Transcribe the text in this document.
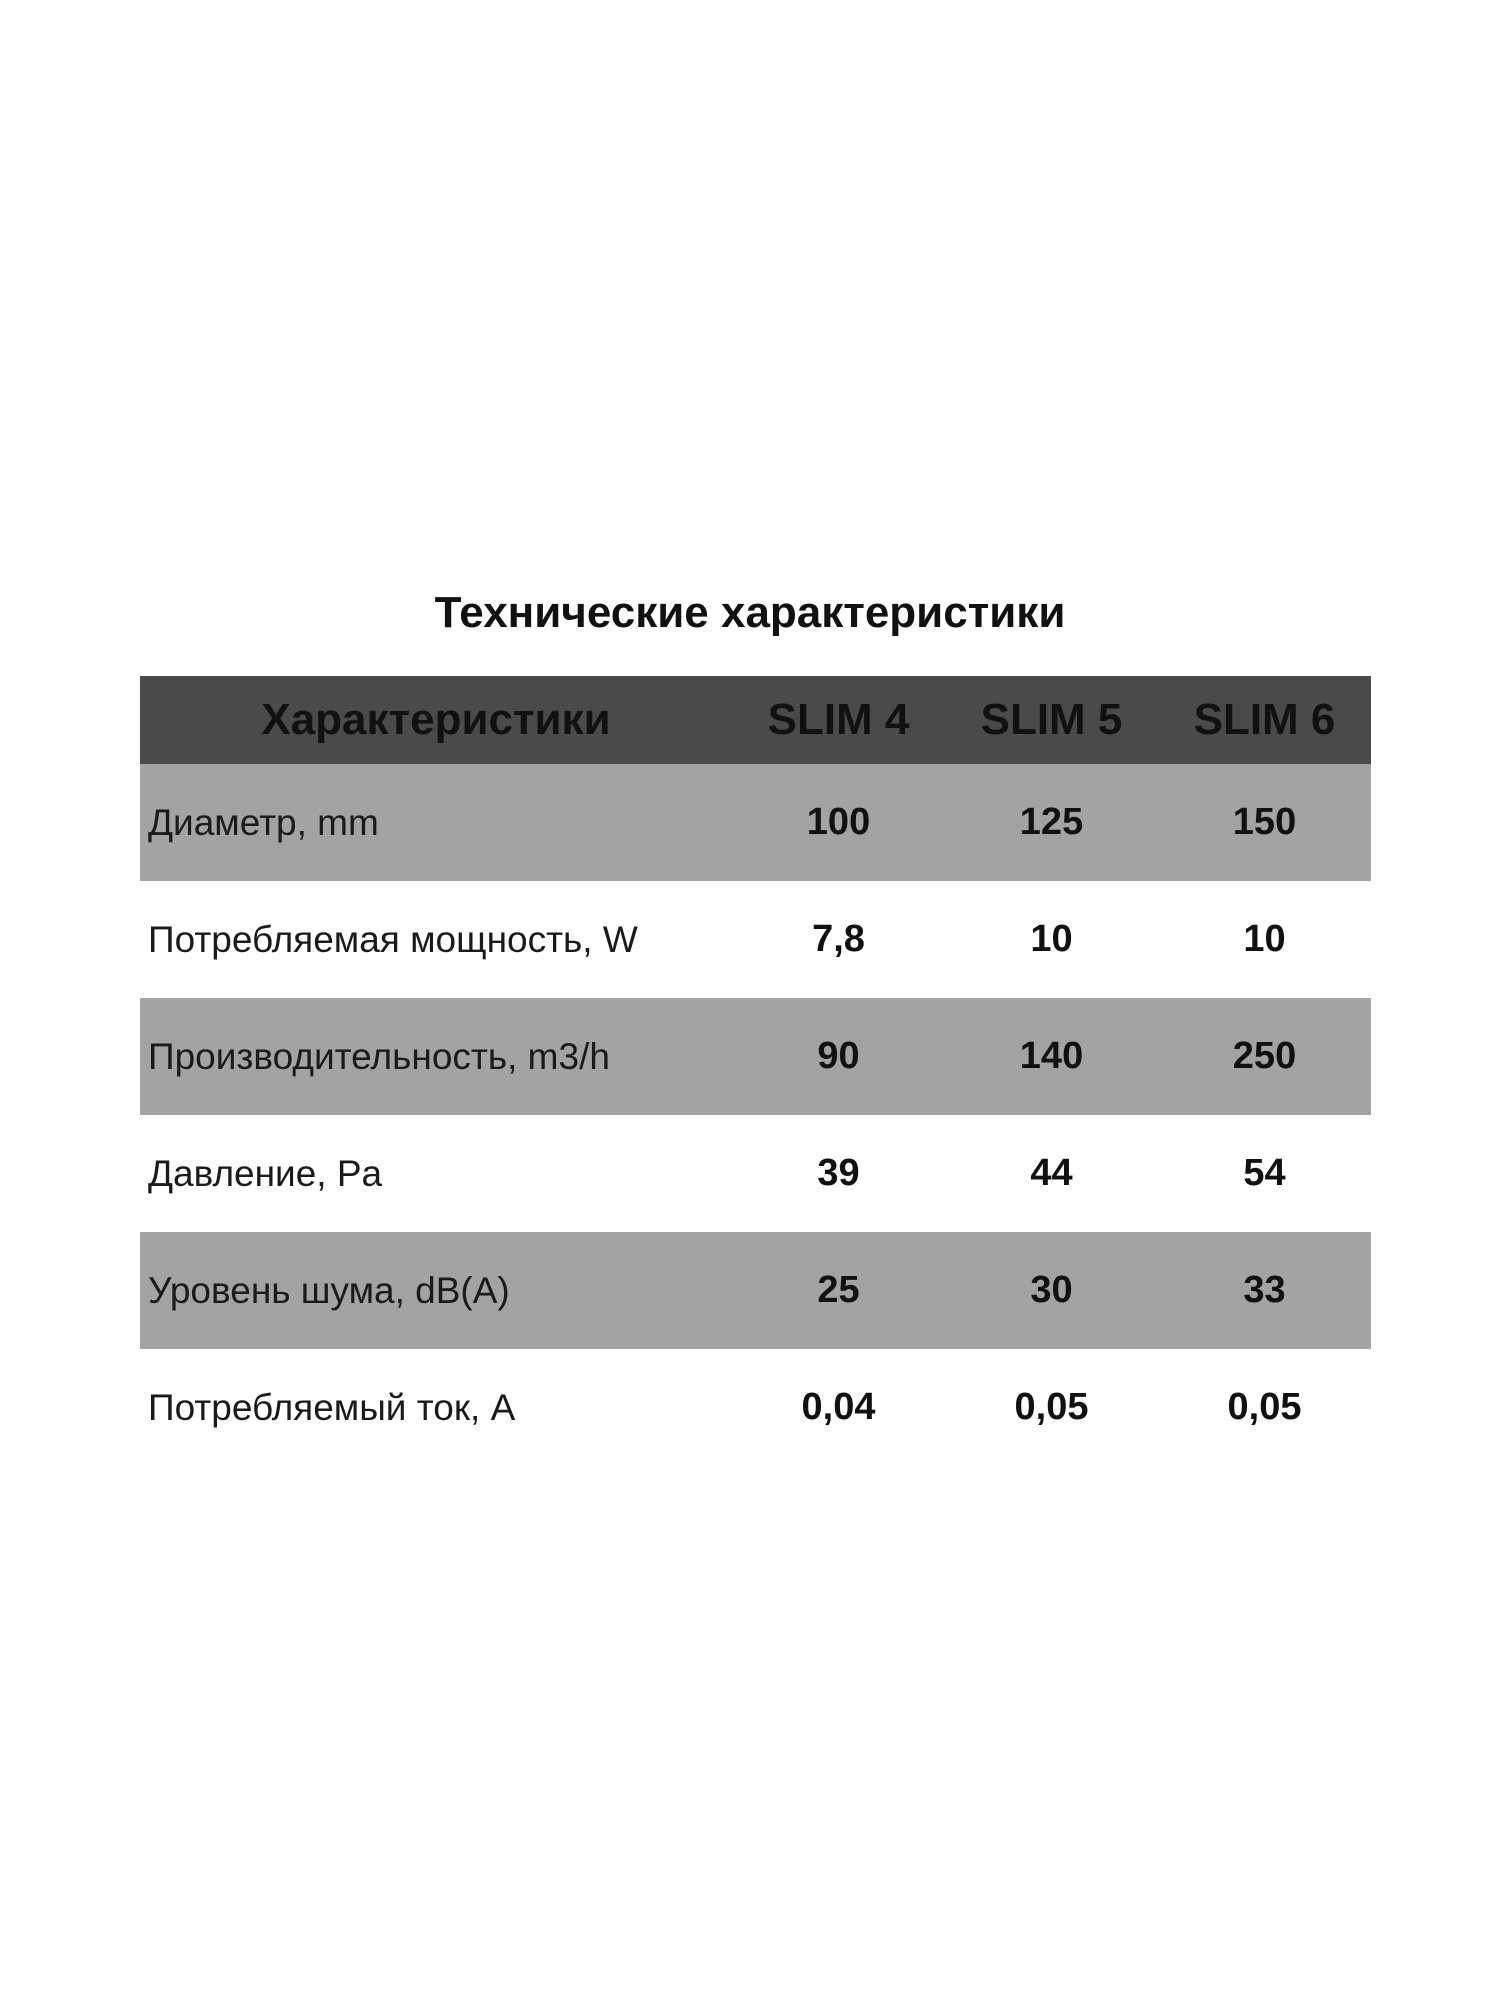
Технические характеристики
Характеристики	SLIM 4	SLIM 5	SLIM 6
Диаметр, mm	100	125	150
Потребляемая мощность, W	7,8	10	10
Производительность, m3/h	90	140	250
Давление, Pa	39	44	54
Уровень шума, dB(A)	25	30	33
Потребляемый ток, A	0,04	0,05	0,05
